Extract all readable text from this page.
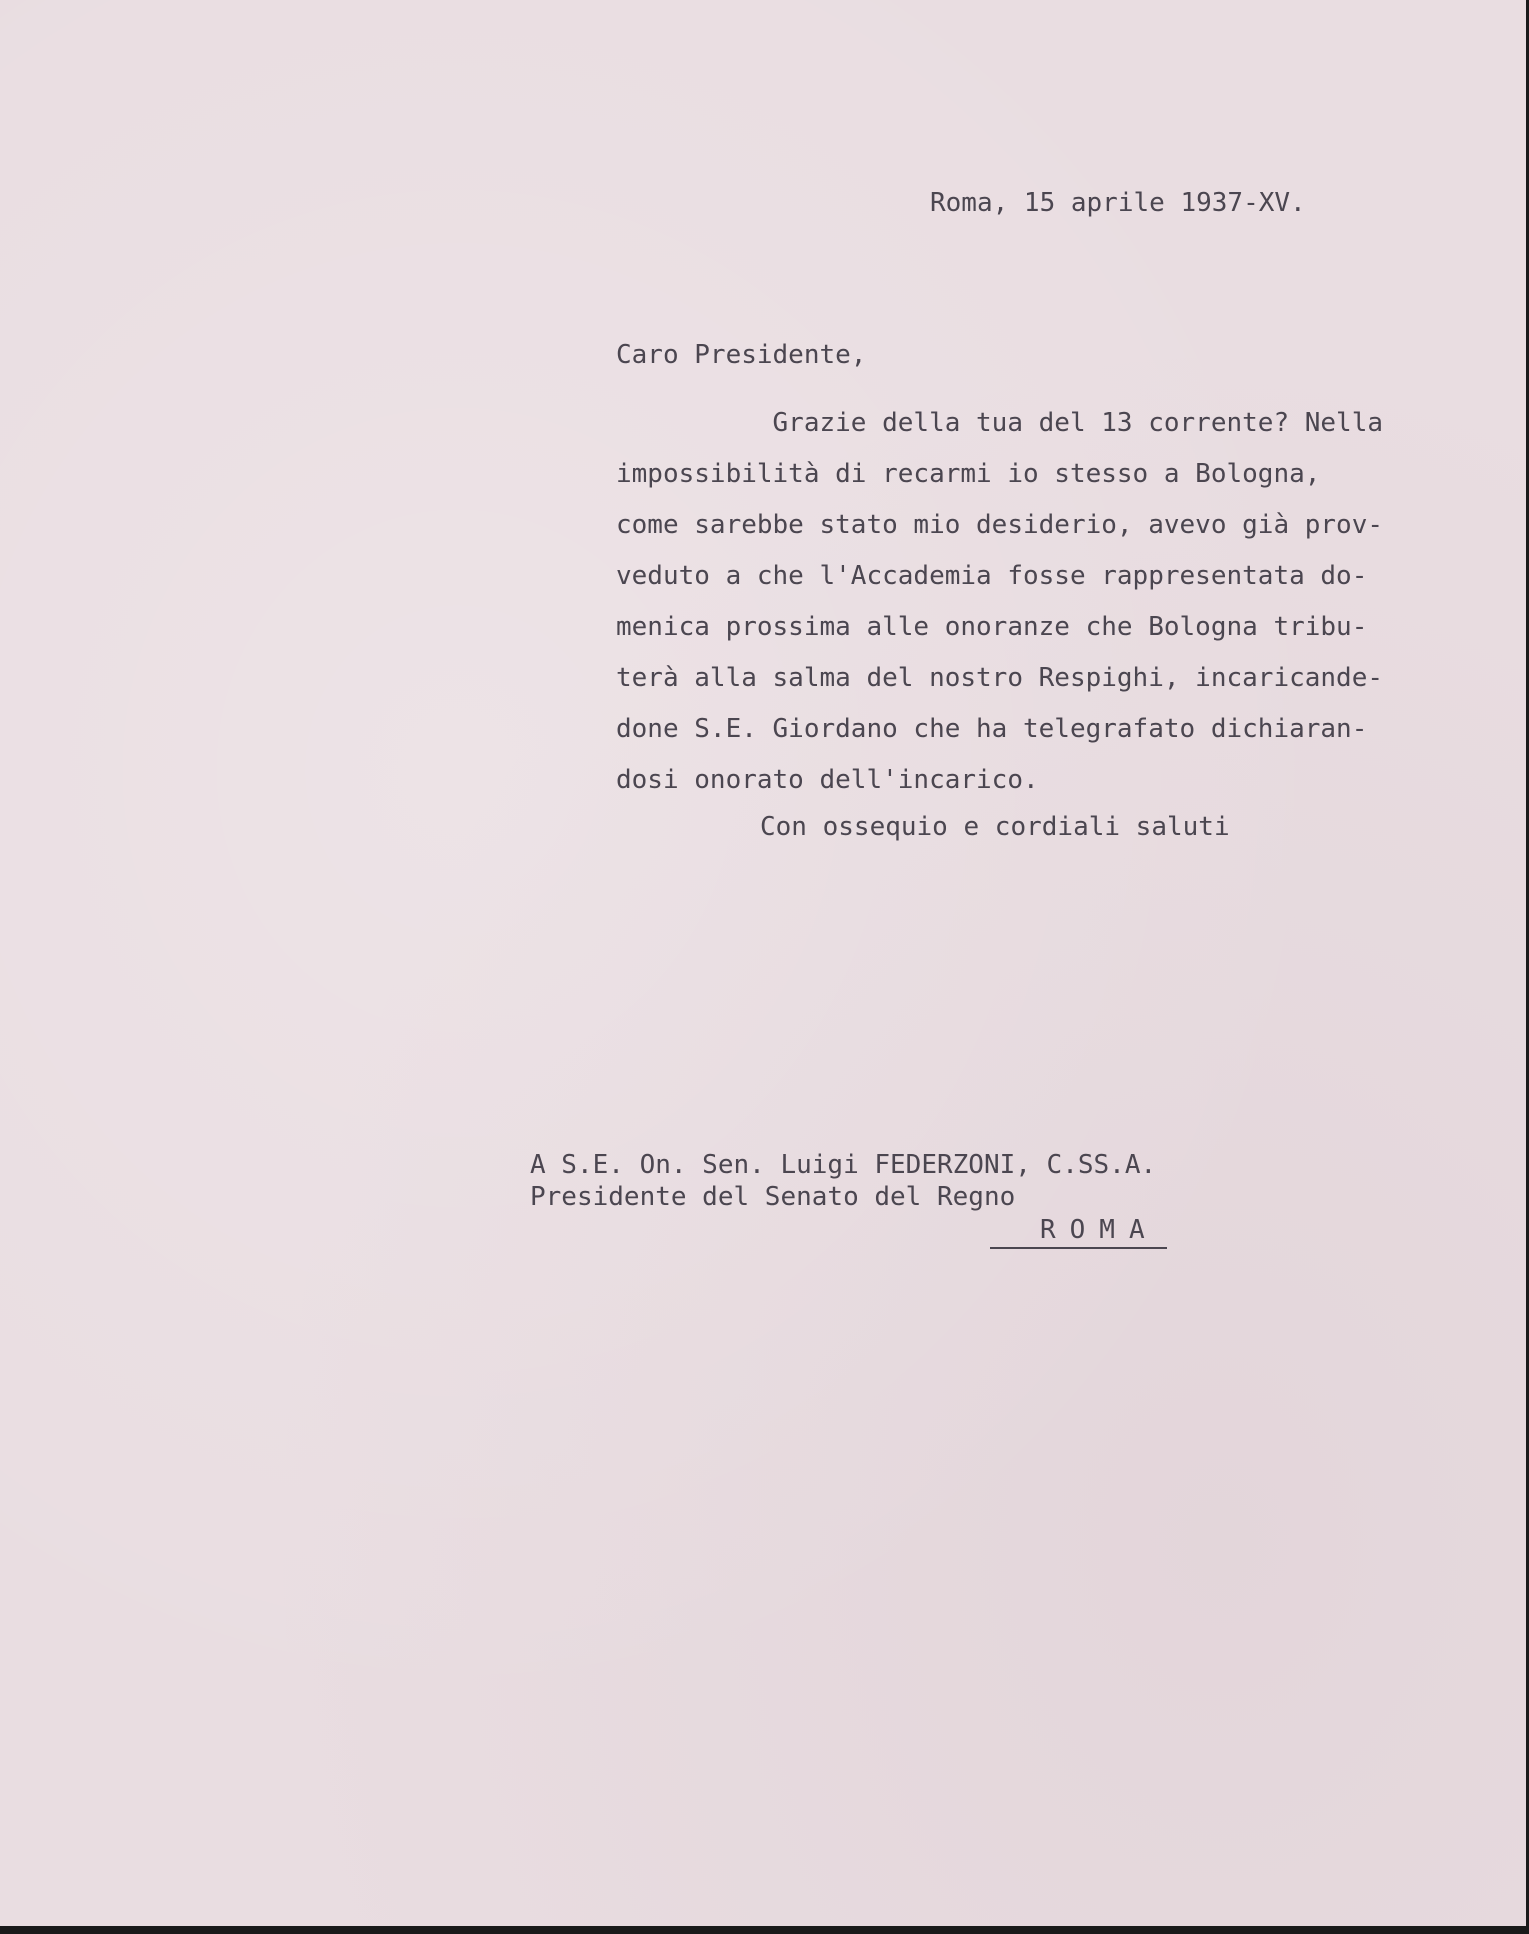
Roma, 15 aprile 1937-XV.
Caro Presidente,
Grazie della tua del 13 corrente? Nella
impossibilità di recarmi io stesso a Bologna,
come sarebbe stato mio desiderio, avevo già prov-
veduto a che l'Accademia fosse rappresentata do-
menica prossima alle onoranze che Bologna tribu-
terà alla salma del nostro Respighi, incaricande-
done S.E. Giordano che ha telegrafato dichiaran-
dosi onorato dell'incarico.
Con ossequio e cordiali saluti
A S.E. On. Sen. Luigi FEDERZONI, C.SS.A.
Presidente del Senato del Regno
ROMA
